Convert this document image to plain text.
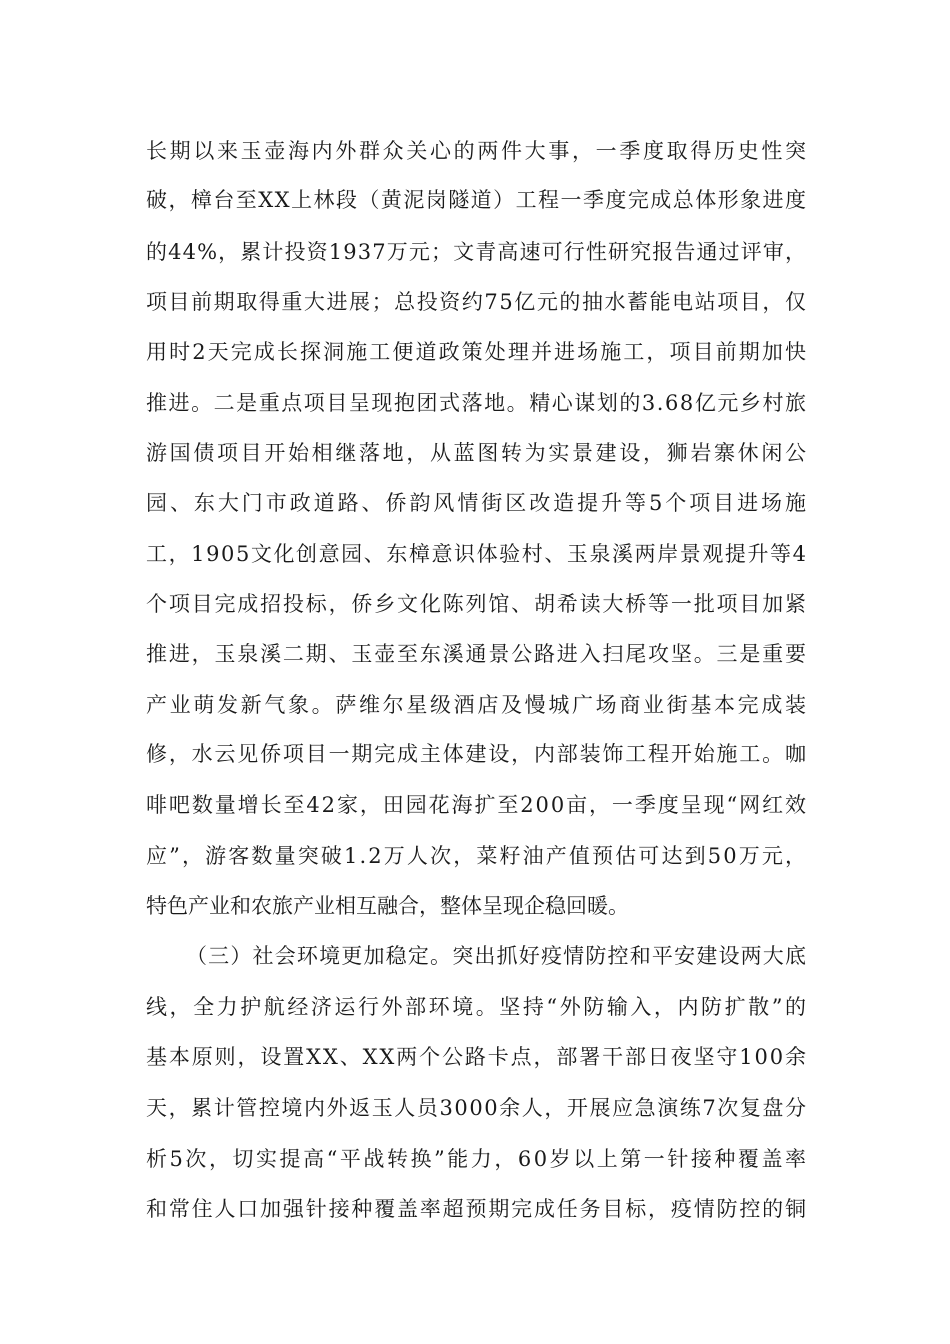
长期以来玉壶海内外群众关心的两件大事，一季度取得历史性突
破，樟台至XX上林段（黄泥岗隧道）工程一季度完成总体形象进度
的44%，累计投资1937万元；文青高速可行性研究报告通过评审，
项目前期取得重大进展；总投资约75亿元的抽水蓄能电站项目，仅
用时2天完成长探洞施工便道政策处理并进场施工，项目前期加快
推进。二是重点项目呈现抱团式落地。精心谋划的3.68亿元乡村旅
游国债项目开始相继落地，从蓝图转为实景建设，狮岩寨休闲公
园、东大门市政道路、侨韵风情街区改造提升等5个项目进场施
工，1905文化创意园、东樟意识体验村、玉泉溪两岸景观提升等4
个项目完成招投标，侨乡文化陈列馆、胡希读大桥等一批项目加紧
推进，玉泉溪二期、玉壶至东溪通景公路进入扫尾攻坚。三是重要
产业萌发新气象。萨维尔星级酒店及慢城广场商业街基本完成装
修，水云见侨项目一期完成主体建设，内部装饰工程开始施工。咖
啡吧数量增长至42家，田园花海扩至200亩，一季度呈现“网红效
应”，游客数量突破1.2万人次，菜籽油产值预估可达到50万元，
特色产业和农旅产业相互融合，整体呈现企稳回暖。
（三）社会环境更加稳定。突出抓好疫情防控和平安建设两大底
线，全力护航经济运行外部环境。坚持“外防输入，内防扩散”的
基本原则，设置XX、XX两个公路卡点，部署干部日夜坚守100余
天，累计管控境内外返玉人员3000余人，开展应急演练7次复盘分
析5次，切实提高“平战转换”能力，60岁以上第一针接种覆盖率
和常住人口加强针接种覆盖率超预期完成任务目标，疫情防控的铜
